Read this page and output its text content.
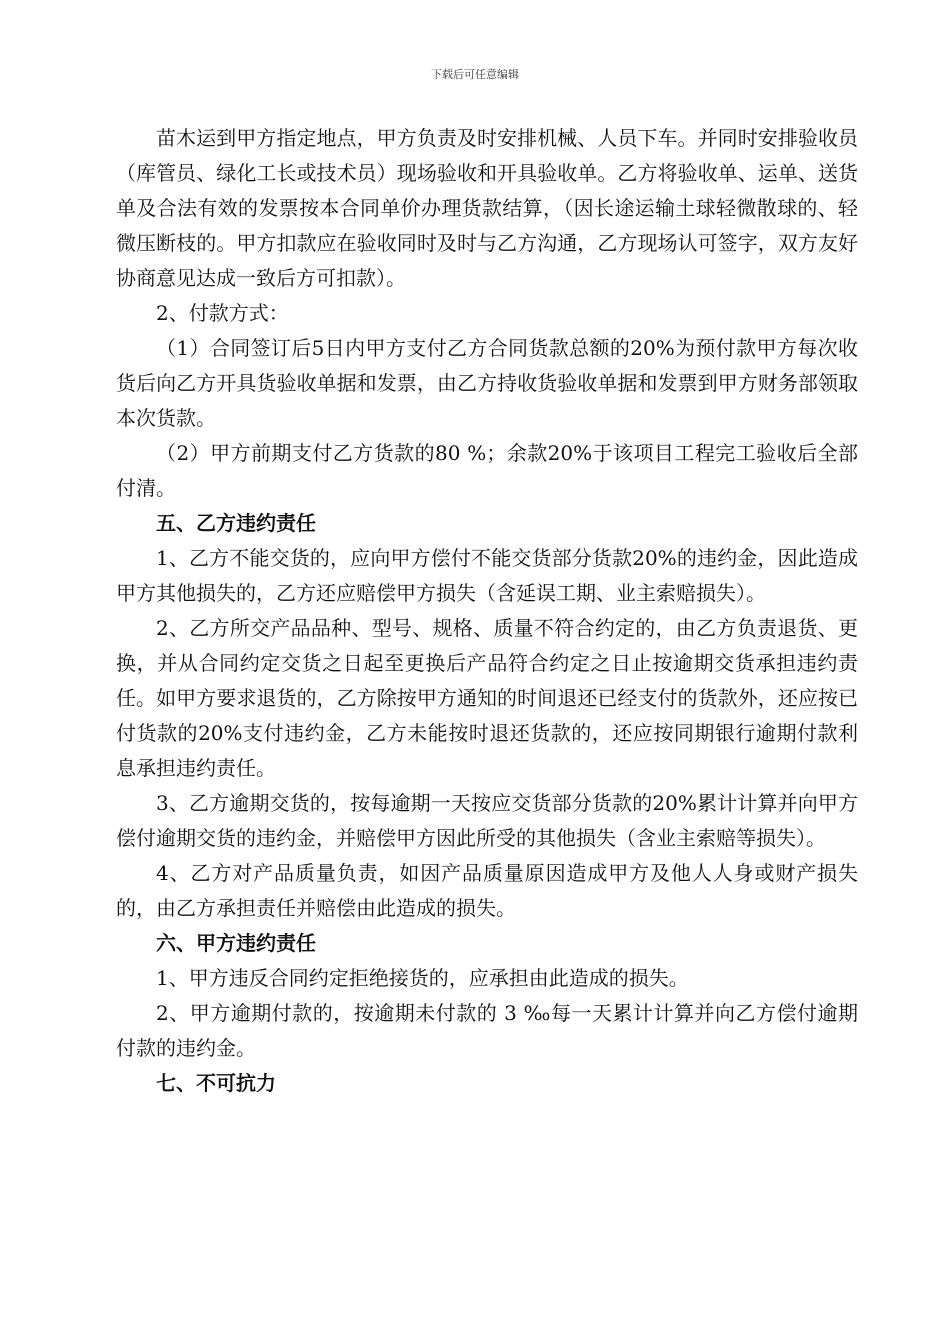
下载后可任意编辑

苗木运到甲方指定地点，甲方负责及时安排机械、人员下车。并同时安排验收员（库管员、绿化工长或技术员）现场验收和开具验收单。乙方将验收单、运单、送货单及合法有效的发票按本合同单价办理货款结算，（因长途运输土球轻微散球的、轻微压断枝的。甲方扣款应在验收同时及时与乙方沟通，乙方现场认可签字，双方友好协商意见达成一致后方可扣款）。

2、付款方式：

（1）合同签订后5日内甲方支付乙方合同货款总额的20%为预付款甲方每次收货后向乙方开具货验收单据和发票，由乙方持收货验收单据和发票到甲方财务部领取本次货款。

（2）甲方前期支付乙方货款的80 %；余款20%于该项目工程完工验收后全部付清。

五、乙方违约责任

1、乙方不能交货的，应向甲方偿付不能交货部分货款20%的违约金，因此造成甲方其他损失的，乙方还应赔偿甲方损失（含延误工期、业主索赔损失）。

2、乙方所交产品品种、型号、规格、质量不符合约定的，由乙方负责退货、更换，并从合同约定交货之日起至更换后产品符合约定之日止按逾期交货承担违约责任。如甲方要求退货的，乙方除按甲方通知的时间退还已经支付的货款外，还应按已付货款的20%支付违约金，乙方未能按时退还货款的，还应按同期银行逾期付款利息承担违约责任。

3、乙方逾期交货的，按每逾期一天按应交货部分货款的20%累计计算并向甲方偿付逾期交货的违约金，并赔偿甲方因此所受的其他损失（含业主索赔等损失）。

4、乙方对产品质量负责，如因产品质量原因造成甲方及他人人身或财产损失的，由乙方承担责任并赔偿由此造成的损失。

六、甲方违约责任

1、甲方违反合同约定拒绝接货的，应承担由此造成的损失。

2、甲方逾期付款的，按逾期未付款的 3 ‰每一天累计计算并向乙方偿付逾期付款的违约金。

七、不可抗力
